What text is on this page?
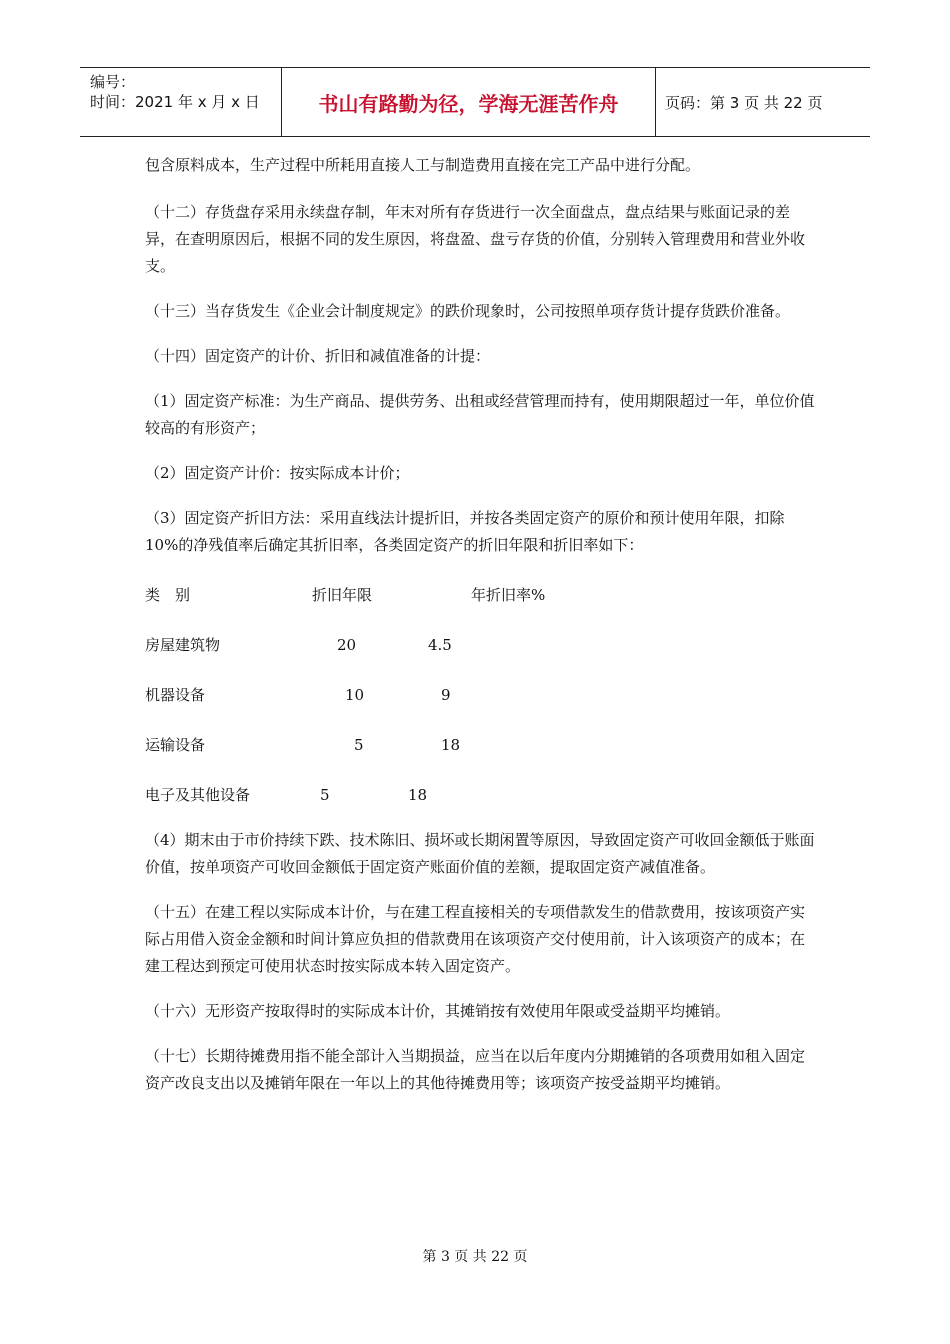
编号：
时间：2021 年 x 月 x 日	书山有路勤为径，学海无涯苦作舟	页码：第 3 页 共 22 页

包含原料成本，生产过程中所耗用直接人工与制造费用直接在完工产品中进行分配。

（十二）存货盘存采用永续盘存制，年末对所有存货进行一次全面盘点，盘点结果与账面记录的差异，在查明原因后，根据不同的发生原因，将盘盈、盘亏存货的价值，分别转入管理费用和营业外收支。

（十三）当存货发生《企业会计制度规定》的跌价现象时，公司按照单项存货计提存货跌价准备。

（十四）固定资产的计价、折旧和减值准备的计提：

（1）固定资产标准：为生产商品、提供劳务、出租或经营管理而持有，使用期限超过一年，单位价值较高的有形资产；

（2）固定资产计价：按实际成本计价；

（3）固定资产折旧方法：采用直线法计提折旧，并按各类固定资产的原价和预计使用年限，扣除 10%的净残值率后确定其折旧率，各类固定资产的折旧年限和折旧率如下：

类　别	折旧年限	年折旧率%
房屋建筑物	20	4.5
机器设备	10	9
运输设备	5	18
电子及其他设备	5	18

（4）期末由于市价持续下跌、技术陈旧、损坏或长期闲置等原因，导致固定资产可收回金额低于账面价值，按单项资产可收回金额低于固定资产账面价值的差额，提取固定资产减值准备。

（十五）在建工程以实际成本计价，与在建工程直接相关的专项借款发生的借款费用，按该项资产实际占用借入资金金额和时间计算应负担的借款费用在该项资产交付使用前，计入该项资产的成本；在建工程达到预定可使用状态时按实际成本转入固定资产。

（十六）无形资产按取得时的实际成本计价，其摊销按有效使用年限或受益期平均摊销。

（十七）长期待摊费用指不能全部计入当期损益，应当在以后年度内分期摊销的各项费用如租入固定资产改良支出以及摊销年限在一年以上的其他待摊费用等；该项资产按受益期平均摊销。

第 3 页 共 22 页
